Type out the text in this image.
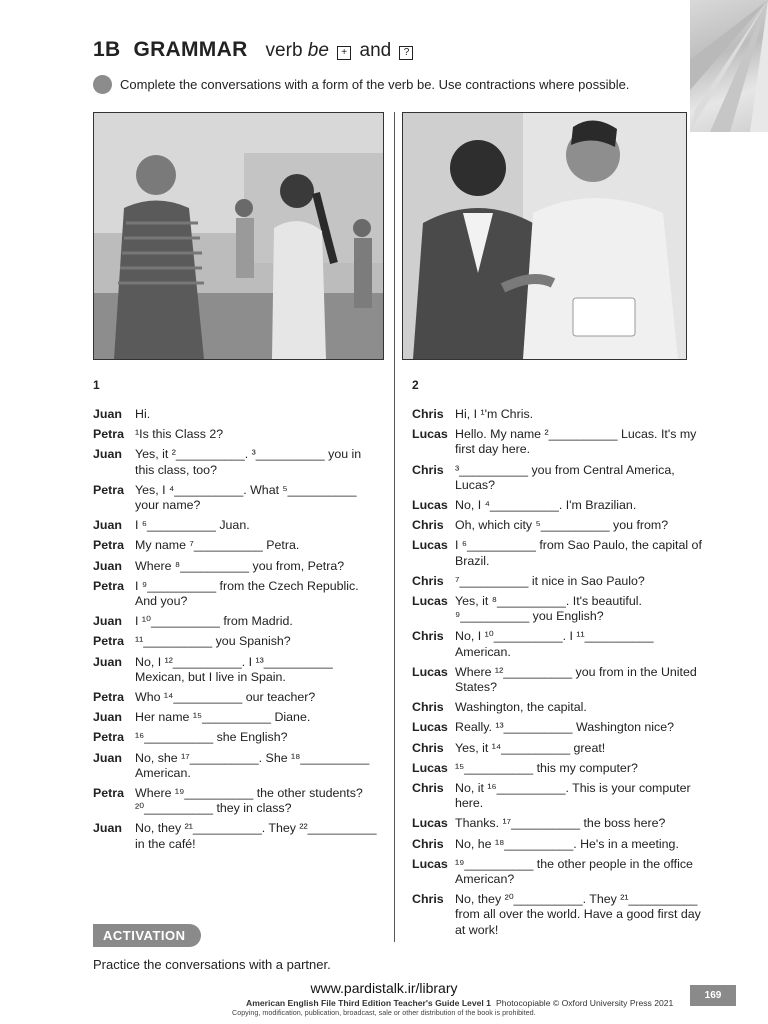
1B GRAMMAR verb be + and ?
Complete the conversations with a form of the verb be. Use contractions where possible.
1	2
Juan	Hi.
Petra ¹Is this Class 2?
Juan	Yes, it ²__________. ³__________ you in this class, too?
Petra Yes, I ⁴__________. What ⁵__________ your name?
Juan	I ⁶__________ Juan.
Petra My name ⁷__________ Petra.
Juan	Where ⁸__________ you from, Petra?
Petra I ⁹__________ from the Czech Republic. And you?
Juan	I ¹⁰__________ from Madrid.
Petra ¹¹__________ you Spanish?
Juan	No, I ¹²__________. I ¹³__________ Mexican, but I live in Spain.
Petra Who ¹⁴__________ our teacher?
Juan	Her name ¹⁵__________ Diane.
Petra ¹⁶__________ she English?
Juan	No, she ¹⁷__________. She ¹⁸__________ American.
Petra Where ¹⁹__________ the other students? ²⁰__________ they in class?
Juan	No, they ²¹__________. They ²²__________ in the café!
Chris Hi, I ¹'m Chris.
Lucas Hello. My name ²__________ Lucas. It's my first day here.
Chris ³__________ you from Central America, Lucas?
Lucas No, I ⁴__________. I'm Brazilian.
Chris Oh, which city ⁵__________ you from?
Lucas I ⁶__________ from Sao Paulo, the capital of Brazil.
Chris ⁷__________ it nice in Sao Paulo?
Lucas Yes, it ⁸__________. It's beautiful. ⁹__________ you English?
Chris No, I ¹⁰__________. I ¹¹__________ American.
Lucas Where ¹²__________ you from in the United States?
Chris Washington, the capital.
Lucas Really. ¹³__________ Washington nice?
Chris Yes, it ¹⁴__________ great!
Lucas ¹⁵__________ this my computer?
Chris No, it ¹⁶__________. This is your computer here.
Lucas Thanks. ¹⁷__________ the boss here?
Chris No, he ¹⁸__________. He's in a meeting.
Lucas ¹⁹__________ the other people in the office American?
Chris No, they ²⁰__________. They ²¹__________ from all over the world. Have a good first day at work!
ACTIVATION
Practice the conversations with a partner.
www.pardistalk.ir/library
American English File Third Edition Teacher's Guide Level 1 Photocopiable © Oxford University Press 2021
Copying, modification, publication, broadcast, sale or other distribution of the book is prohibited.
169
